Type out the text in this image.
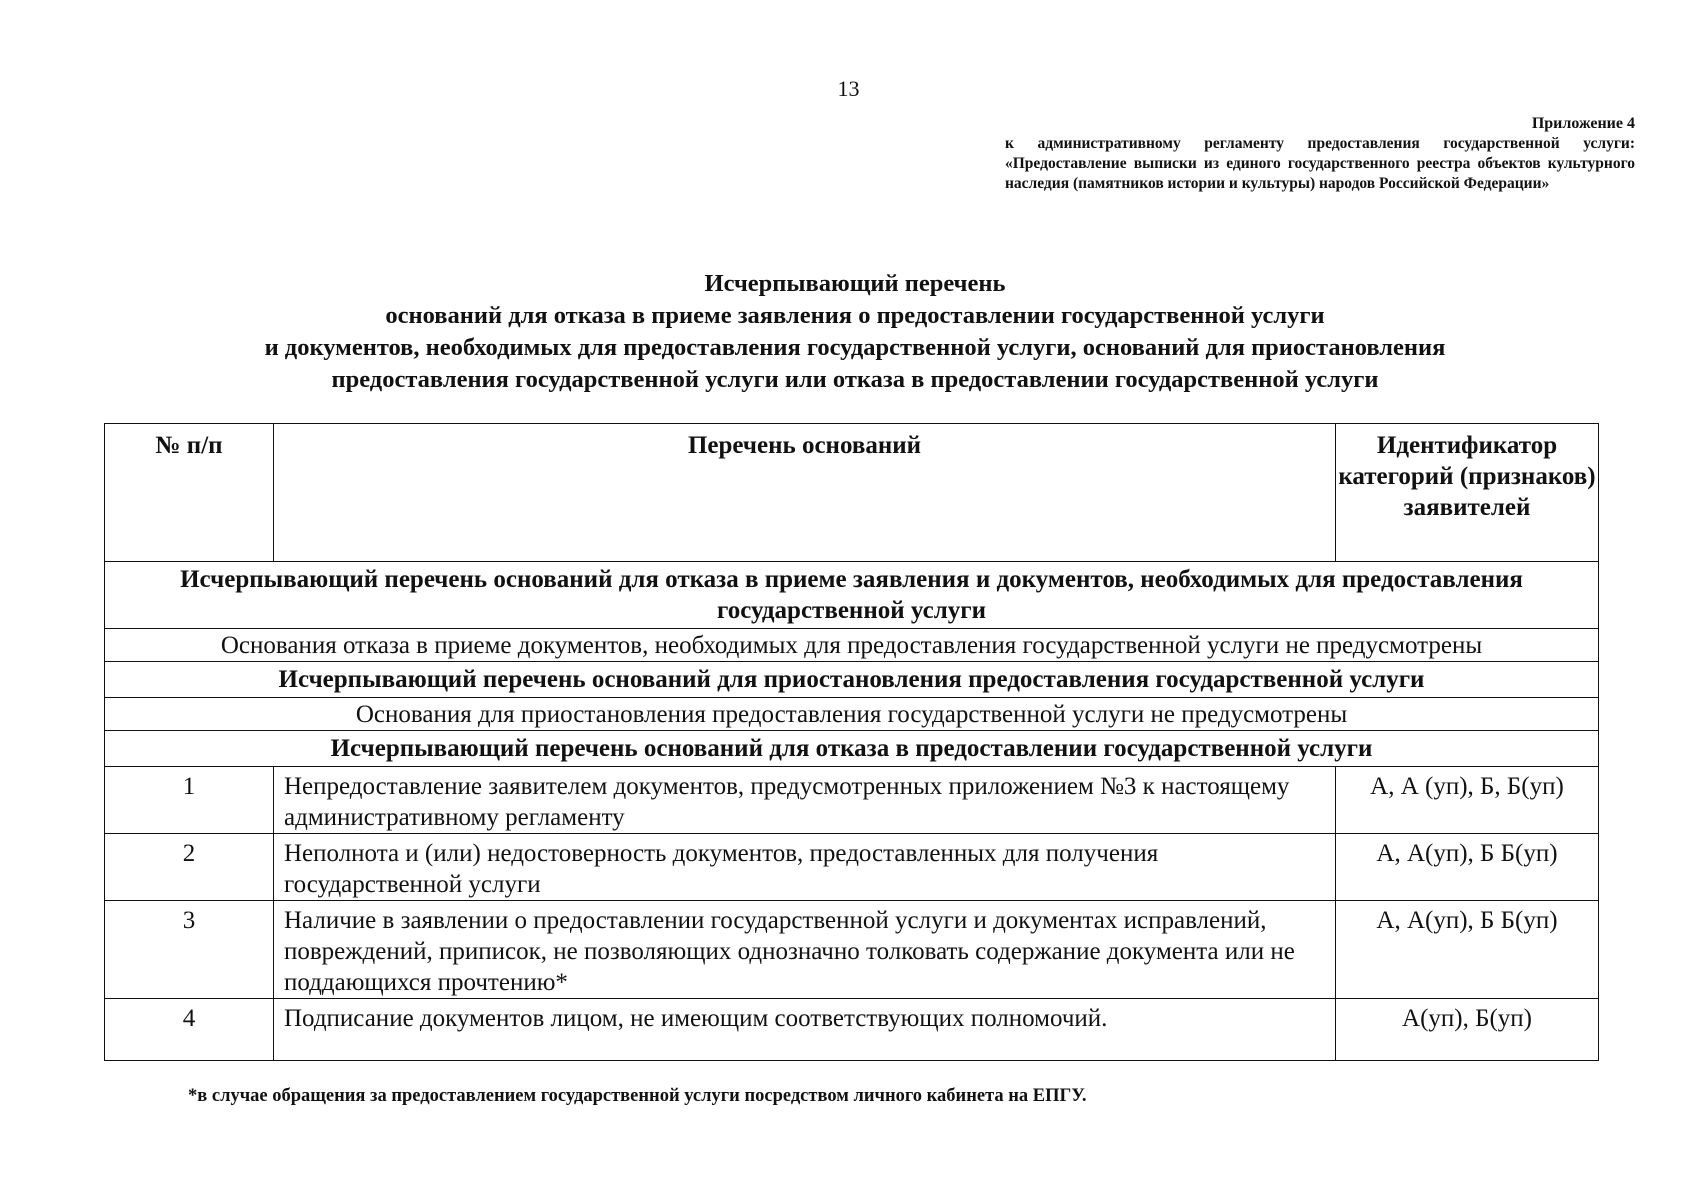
13
Приложение 4
к административному регламенту предоставления государственной услуги: «Предоставление выписки из единого государственного реестра объектов культурного наследия (памятников истории и культуры) народов Российской Федерации»
Исчерпывающий перечень
оснований для отказа в приеме заявления о предоставлении государственной услуги
и документов, необходимых для предоставления государственной услуги, оснований для приостановления
предоставления государственной услуги или отказа в предоставлении государственной услуги
№ п/п	Перечень оснований	Идентификатор категорий (признаков) заявителей
Исчерпывающий перечень оснований для отказа в приеме заявления и документов, необходимых для предоставления государственной услуги		
Основания отказа в приеме документов, необходимых для предоставления государственной услуги не предусмотрены		
Исчерпывающий перечень оснований для приостановления предоставления государственной услуги		
Основания для приостановления предоставления государственной услуги не предусмотрены		
Исчерпывающий перечень оснований для отказа в предоставлении государственной услуги		
1	Непредоставление заявителем документов, предусмотренных приложением №3 к настоящему административному регламенту	А, А (уп), Б, Б(уп)
2	Неполнота и (или) недостоверность документов, предоставленных для получения государственной услуги	А, А(уп), Б Б(уп)
3	Наличие в заявлении о предоставлении государственной услуги и документах исправлений, повреждений, приписок, не позволяющих однозначно толковать содержание документа или не поддающихся прочтению*	А, А(уп), Б Б(уп)
4	Подписание документов лицом, не имеющим соответствующих полномочий.	А(уп), Б(уп)
*в случае обращения за предоставлением государственной услуги посредством личного кабинета на ЕПГУ.
